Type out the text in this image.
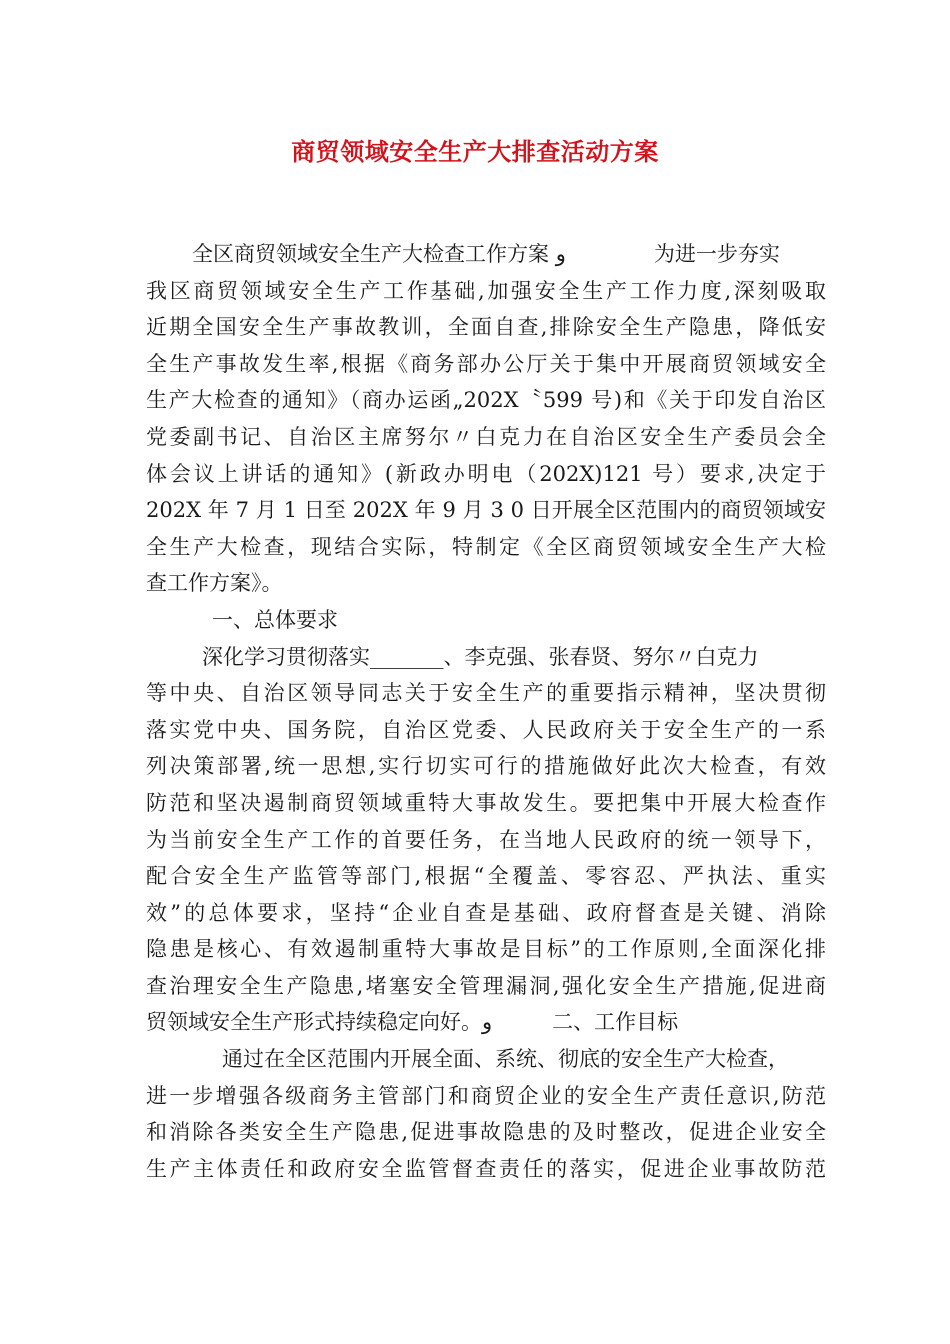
商贸领域安全生产大排查活动方案
全区商贸领域安全生产大检查工作方案 ﻭ	为进一步夯实
我区商贸领域安全生产工作基础,加强安全生产工作力度,深刻吸取
近期全国安全生产事故教训，全面自查,排除安全生产隐患，降低安
全生产事故发生率,根据《商务部办公厅关于集中开展商贸领域安全
生产大检查的通知》（商办运函„202X〝599 号)和《关于印发自治区
党委副书记、自治区主席努尔〃白克力在自治区安全生产委员会全
体会议上讲话的通知》(新政办明电（202X)121 号）要求,决定于
202X 年 7 月 1 日至 202X 年 9 月 3 0 日开展全区范围内的商贸领域安
全生产大检查，现结合实际，特制定《全区商贸领域安全生产大检
查工作方案》。
一、总体要求
深化学习贯彻落实_______、李克强、张春贤、努尔〃白克力
等中央、自治区领导同志关于安全生产的重要指示精神，坚决贯彻
落实党中央、国务院，自治区党委、人民政府关于安全生产的一系
列决策部署,统一思想,实行切实可行的措施做好此次大检查，有效
防范和坚决遏制商贸领域重特大事故发生。要把集中开展大检查作
为当前安全生产工作的首要任务，在当地人民政府的统一领导下，
配合安全生产监管等部门,根据“全覆盖、零容忍、严执法、重实
效”的总体要求，坚持“企业自查是基础、政府督查是关键、消除
隐患是核心、有效遏制重特大事故是目标”的工作原则,全面深化排
查治理安全生产隐患,堵塞安全管理漏洞,强化安全生产措施,促进商
贸领域安全生产形式持续稳定向好。ﻭ	二、工作目标
通过在全区范围内开展全面、系统、彻底的安全生产大检查，
进一步增强各级商务主管部门和商贸企业的安全生产责任意识,防范
和消除各类安全生产隐患,促进事故隐患的及时整改，促进企业安全
生产主体责任和政府安全监管督查责任的落实，促进企业事故防范
